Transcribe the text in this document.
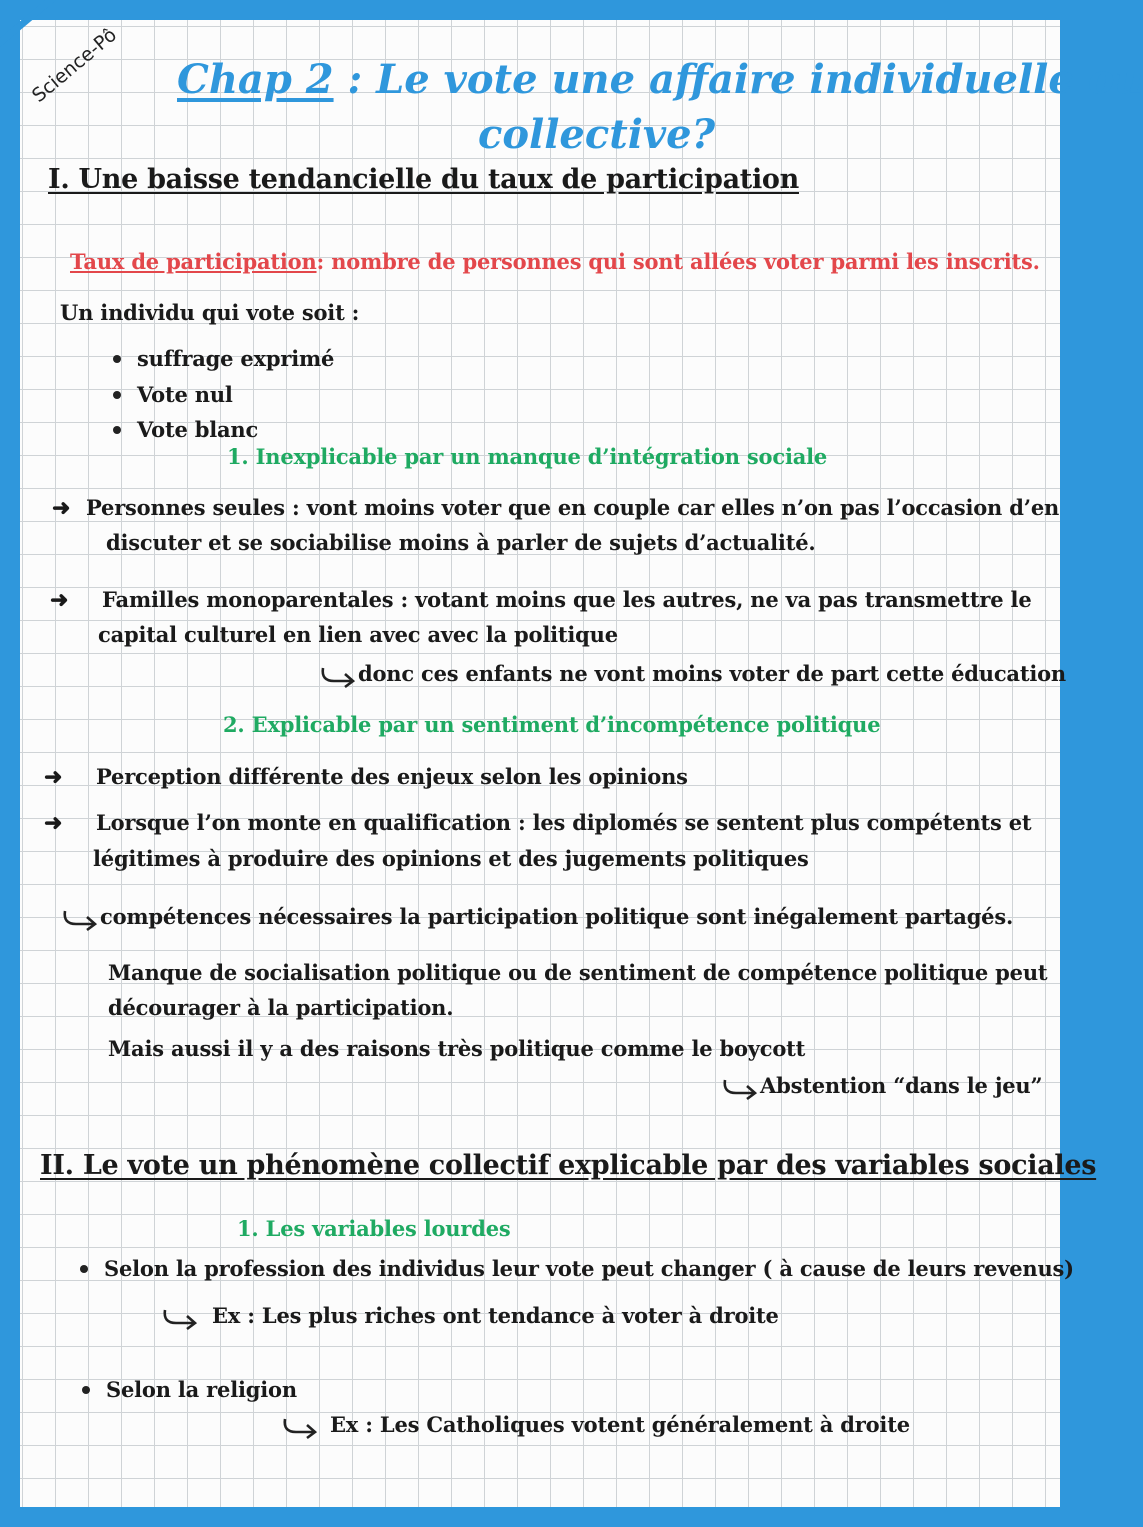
Science-Pô Chap 2 : Le vote une affaire individuelle ou
collective?
I. Une baisse tendancielle du taux de participation
Taux de participation: nombre de personnes qui sont allées voter parmi les inscrits.
Un individu qui vote soit :
suffrage exprimé
Vote nul
Vote blanc
1. Inexplicable par un manque d’intégration sociale
➜ Personnes seules : vont moins voter que en couple car elles n’on pas l’occasion d’en
discuter et se sociabilise moins à parler de sujets d’actualité.
➜ Familles monoparentales : votant moins que les autres, ne va pas transmettre le
capital culturel en lien avec avec la politique
donc ces enfants ne vont moins voter de part cette éducation
2. Explicable par un sentiment d’incompétence politique
➜ Perception différente des enjeux selon les opinions
➜ Lorsque l’on monte en qualification : les diplomés se sentent plus compétents et
légitimes à produire des opinions et des jugements politiques
compétences nécessaires la participation politique sont inégalement partagés.
Manque de socialisation politique ou de sentiment de compétence politique peut
décourager à la participation.
Mais aussi il y a des raisons très politique comme le boycott
Abstention “dans le jeu”
II. Le vote un phénomène collectif explicable par des variables sociales
1. Les variables lourdes
Selon la profession des individus leur vote peut changer ( à cause de leurs revenus)
Ex : Les plus riches ont tendance à voter à droite
Selon la religion
Ex : Les Catholiques votent généralement à droite
